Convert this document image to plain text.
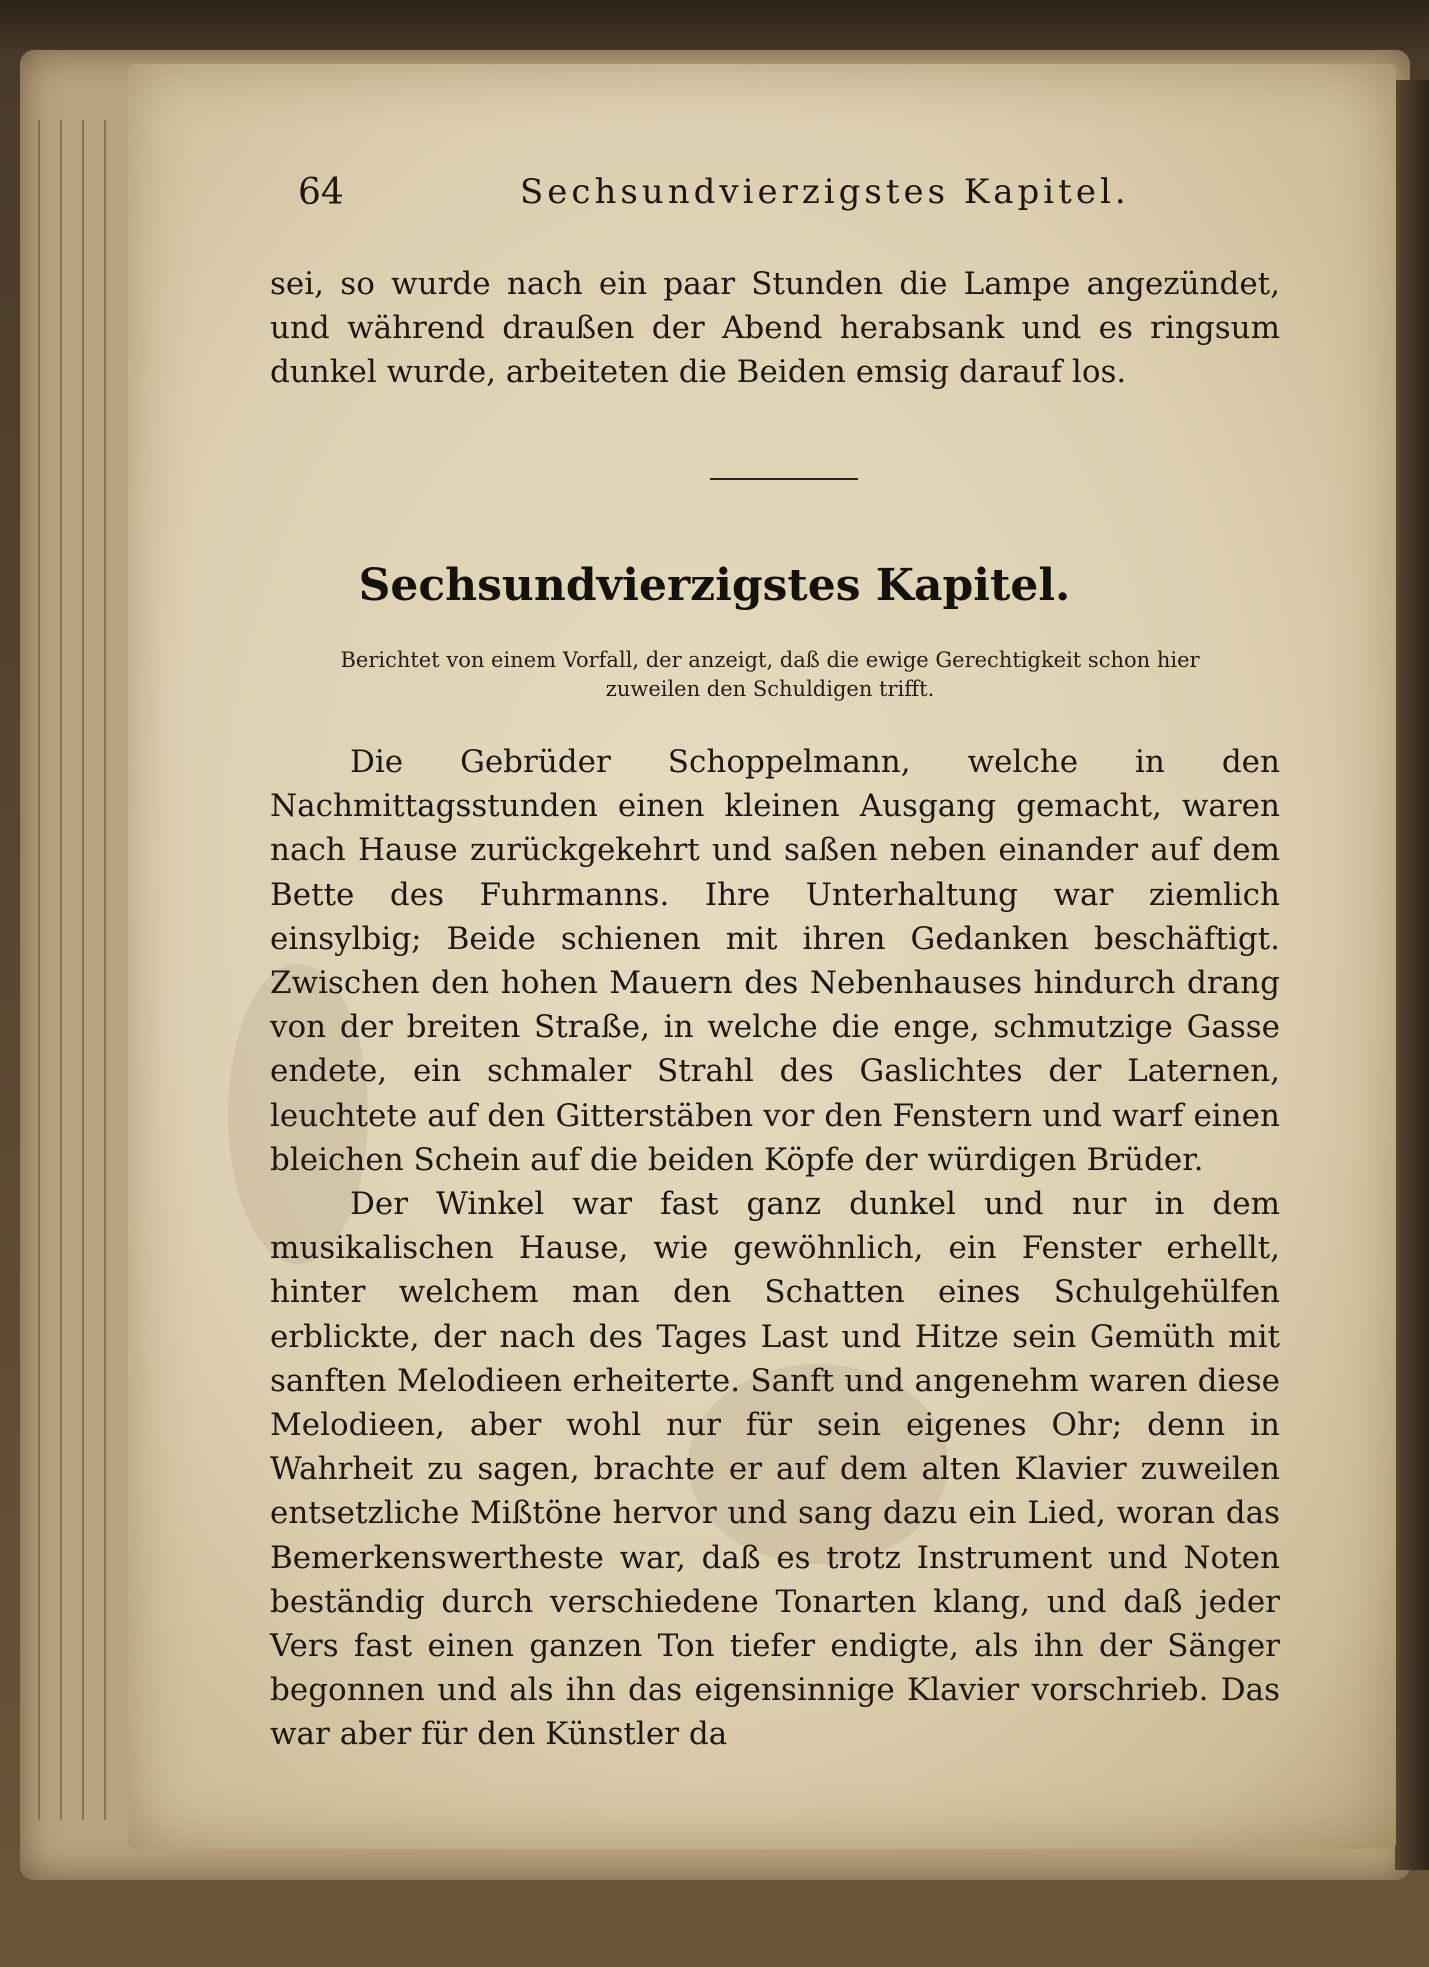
64	Sechsundvierzigstes Kapitel.
sei, so wurde nach ein paar Stunden die Lampe angezündet, und während draußen der Abend herabsank und es ringsum dunkel wurde, arbeiteten die Beiden emsig darauf los.
Sechsundvierzigstes Kapitel.
Berichtet von einem Vorfall, der anzeigt, daß die ewige Gerechtigkeit schon hier zuweilen den Schuldigen trifft.

Die Gebrüder Schoppelmann, welche in den Nachmittagsstunden einen kleinen Ausgang gemacht, waren nach Hause zurückgekehrt und saßen neben einander auf dem Bette des Fuhrmanns. Ihre Unterhaltung war ziemlich einsylbig; Beide schienen mit ihren Gedanken beschäftigt. Zwischen den hohen Mauern des Nebenhauses hindurch drang von der breiten Straße, in welche die enge, schmutzige Gasse endete, ein schmaler Strahl des Gaslichtes der Laternen, leuchtete auf den Gitterstäben vor den Fenstern und warf einen bleichen Schein auf die beiden Köpfe der würdigen Brüder.

Der Winkel war fast ganz dunkel und nur in dem musikalischen Hause, wie gewöhnlich, ein Fenster erhellt, hinter welchem man den Schatten eines Schulgehülfen erblickte, der nach des Tages Last und Hitze sein Gemüth mit sanften Melodieen erheiterte. Sanft und angenehm waren diese Melodieen, aber wohl nur für sein eigenes Ohr; denn in Wahrheit zu sagen, brachte er auf dem alten Klavier zuweilen entsetzliche Mißtöne hervor und sang dazu ein Lied, woran das Bemerkenswertheste war, daß es trotz Instrument und Noten beständig durch verschiedene Tonarten klang, und daß jeder Vers fast einen ganzen Ton tiefer endigte, als ihn der Sänger begonnen und als ihn das eigensinnige Klavier vorschrieb. Das war aber für den Künstler da
